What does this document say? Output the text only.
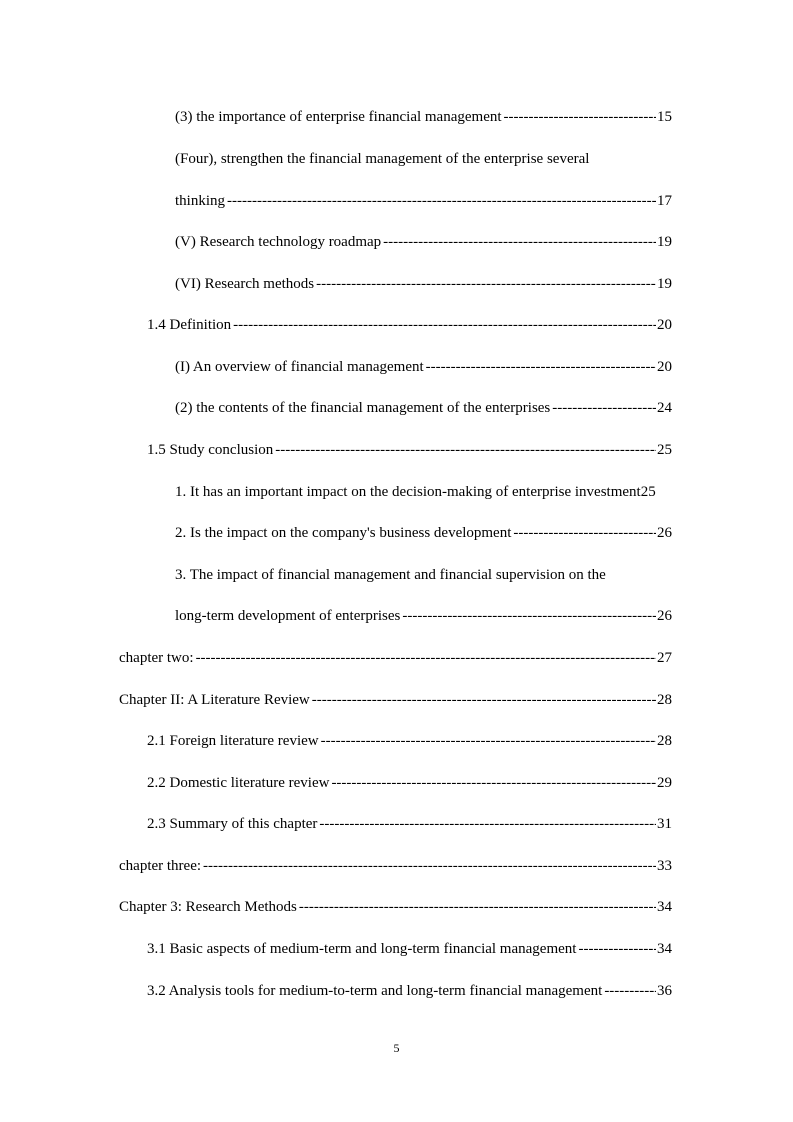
(3) the importance of enterprise financial management -----	15
(Four), strengthen the financial management of the enterprise several
thinking -----	17
(V) Research technology roadmap -----	19
(VI) Research methods -----	19
1.4 Definition -----	20
(I) An overview of financial management -----	20
(2) the contents of the financial management of the enterprises -----	24
1.5 Study conclusion -----	25
1. It has an important impact on the decision-making of enterprise investment25
2. Is the impact on the company's business development -----	26
3. The impact of financial management and financial supervision on the
long-term development of enterprises -----	26
chapter two: -----	27
Chapter II: A Literature Review -----	28
2.1 Foreign literature review -----	28
2.2 Domestic literature review -----	29
2.3 Summary of this chapter -----	31
chapter three: -----	33
Chapter 3: Research Methods -----	34
3.1 Basic aspects of medium-term and long-term financial management -----	34
3.2 Analysis tools for medium-to-term and long-term financial management -----	36
5
